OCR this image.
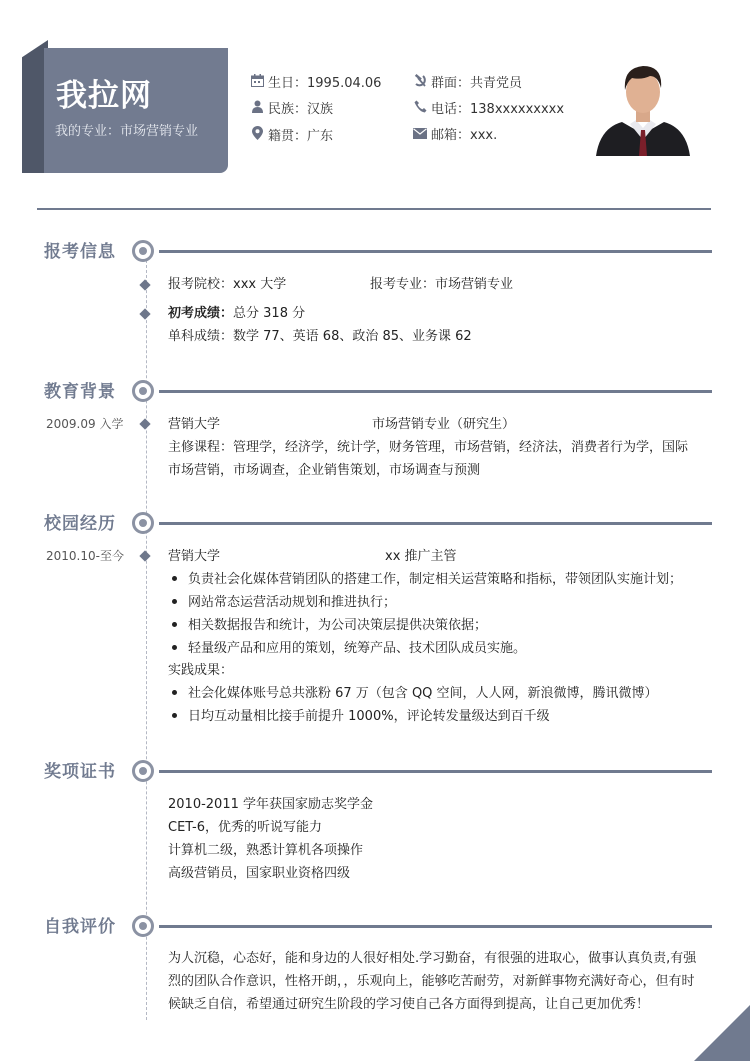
我拉网
我的专业：市场营销专业
生日：1995.04.06
民族：汉族
籍贯：广东
群面：共青党员
电话：138xxxxxxxxx
邮箱：xxx.
报考信息
报考院校：xxx 大学	报考专业：市场营销专业
初考成绩：总分 318 分
单科成绩：数学 77、英语 68、政治 85、业务课 62
教育背景
2009.09 入学	营销大学	市场营销专业（研究生）
主修课程：管理学，经济学，统计学，财务管理，市场营销，经济法，消费者行为学，国际
市场营销，市场调查，企业销售策划，市场调查与预测
校园经历
2010.10-至今	营销大学	xx 推广主管
负责社会化媒体营销团队的搭建工作，制定相关运营策略和指标，带领团队实施计划；
网站常态运营活动规划和推进执行；
相关数据报告和统计，为公司决策层提供决策依据；
轻量级产品和应用的策划，统筹产品、技术团队成员实施。
实践成果：
社会化媒体账号总共涨粉 67 万（包含 QQ 空间，人人网，新浪微博，腾讯微博）
日均互动量相比接手前提升 1000%，评论转发量级达到百千级
奖项证书
2010-2011 学年获国家励志奖学金
CET-6，优秀的听说写能力
计算机二级，熟悉计算机各项操作
高级营销员，国家职业资格四级
自我评价
为人沉稳，心态好，能和身边的人很好相处.学习勤奋，有很强的进取心，做事认真负责,有强
烈的团队合作意识，性格开朗，，乐观向上，能够吃苦耐劳，对新鲜事物充满好奇心，但有时
候缺乏自信，希望通过研究生阶段的学习使自己各方面得到提高，让自己更加优秀！
